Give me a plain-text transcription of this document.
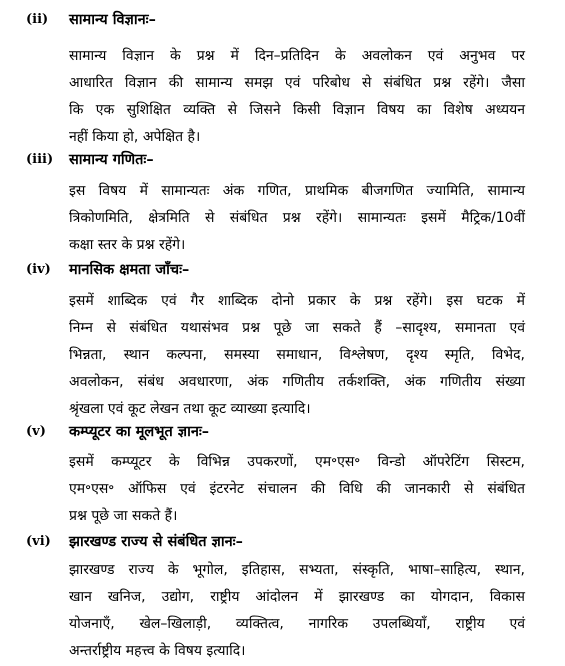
(ii) सामान्य विज्ञानः–
सामान्य विज्ञान के प्रश्न में दिन–प्रतिदिन के अवलोकन एवं अनुभव पर
आधारित विज्ञान की सामान्य समझ एवं परिबोध से संबंधित प्रश्न रहेंगे। जैसा
कि एक सुशिक्षित व्यक्ति से जिसने किसी विज्ञान विषय का विशेष अध्ययन
नहीं किया हो, अपेक्षित है।
(iii) सामान्य गणितः–
इस विषय में सामान्यतः अंक गणित, प्राथमिक बीजगणित ज्यामिति, सामान्य
त्रिकोणमिति, क्षेत्रमिति से संबंधित प्रश्न रहेंगे। सामान्यतः इसमें मैट्रिक/10वीं
कक्षा स्तर के प्रश्न रहेंगे।
(iv) मानसिक क्षमता जाँचः–
इसमें शाब्दिक एवं गैर शाब्दिक दोनो प्रकार के प्रश्न रहेंगे। इस घटक में
निम्न से संबंधित यथासंभव प्रश्न पूछे जा सकते हैं –सादृश्य, समानता एवं
भिन्नता, स्थान कल्पना, समस्या समाधान, विश्लेषण, दृश्य स्मृति, विभेद,
अवलोकन, संबंध अवधारणा, अंक गणितीय तर्कशक्ति, अंक गणितीय संख्या
श्रृंखला एवं कूट लेखन तथा कूट व्याख्या इत्यादि।
(v) कम्प्यूटर का मूलभूत ज्ञानः–
इसमें कम्प्यूटर के विभिन्न उपकरणों, एम॰एस॰ विन्डो ऑपरेटिंग सिस्टम,
एम॰एस॰ ऑफिस एवं इंटरनेट संचालन की विधि की जानकारी से संबंधित
प्रश्न पूछे जा सकते हैं।
(vi) झारखण्ड राज्य से संबंधित ज्ञानः–
झारखण्ड राज्य के भूगोल, इतिहास, सभ्यता, संस्कृति, भाषा–साहित्य, स्थान,
खान खनिज, उद्योग, राष्ट्रीय आंदोलन में झारखण्ड का योगदान, विकास
योजनाएँ, खेल–खिलाड़ी, व्यक्तित्व, नागरिक उपलब्धियाँ, राष्ट्रीय एवं
अन्तर्राष्ट्रीय महत्त्व के विषय इत्यादि।
